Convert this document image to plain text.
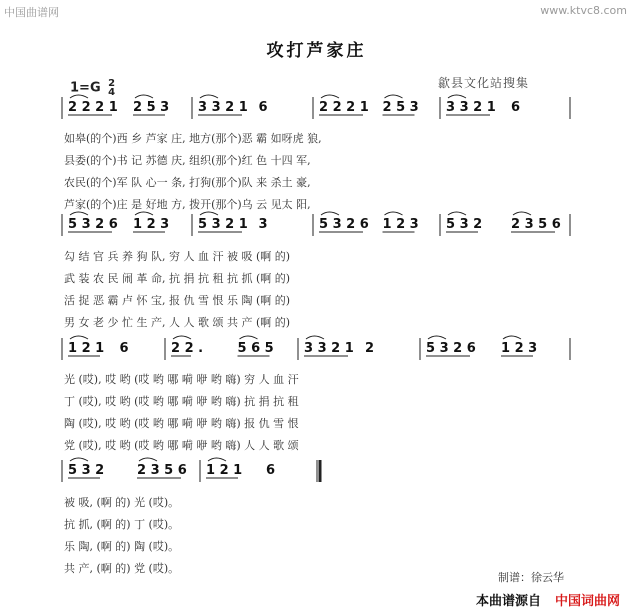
中国曲谱网	www.ktvc8.com
攻打芦家庄
1=G 2
4
歙县文化站搜集
2 2 2 1 2 5 3 3 3 2 1 6	2 2 2 1 2 5 3 3 3 2 1 6
如皋(的个)西 乡 芦家 庄, 地方(那个)恶 霸 如呀虎 狼,
县委(的个)书 记 苏德 庆, 组织(那个)红 色 十四 军,
农民(的个)军 队 心一 条, 打狗(那个)队 来 杀土 豪,
芦家(的个)庄 是 好地 方, 拨开(那个)乌 云 见太 阳,
5 3 2 6 1 2 3 5 3 2 1 3	5 3 2 6 1 2 3 5 3 2 2 3 5 6
勾 结 官 兵 养 狗 队, 穷 人 血 汗 被 吸 (啊 的)
武 装 农 民 闹 革 命, 抗 捐 抗 租 抗 抓 (啊 的)
活 捉 恶 霸 卢 怀 宝, 报 仇 雪 恨 乐 陶 (啊 的)
男 女 老 少 忙 生 产, 人 人 歌 颂 共 产 (啊 的)
1 2 1 6	2 2 .	5 6 5 3 3 2 1 2	5 3 2 6 1 2 3
光 (哎), 哎 哟 (哎 哟 哪 嗬 咿 哟 嗨) 穷 人 血 汗
丁 (哎), 哎 哟 (哎 哟 哪 嗬 咿 哟 嗨) 抗 捐 抗 租
陶 (哎), 哎 哟 (哎 哟 哪 嗬 咿 哟 嗨) 报 仇 雪 恨
党 (哎), 哎 哟 (哎 哟 哪 嗬 咿 哟 嗨) 人 人 歌 颂
5 3 2	2 3 5 6 1 2 1 6
被 吸, (啊 的) 光 (哎)。
抗 抓, (啊 的) 丁 (哎)。
乐 陶, (啊 的) 陶 (哎)。
共 产, (啊 的) 党 (哎)。
制谱：徐云华
本曲谱源自 中国词曲网
